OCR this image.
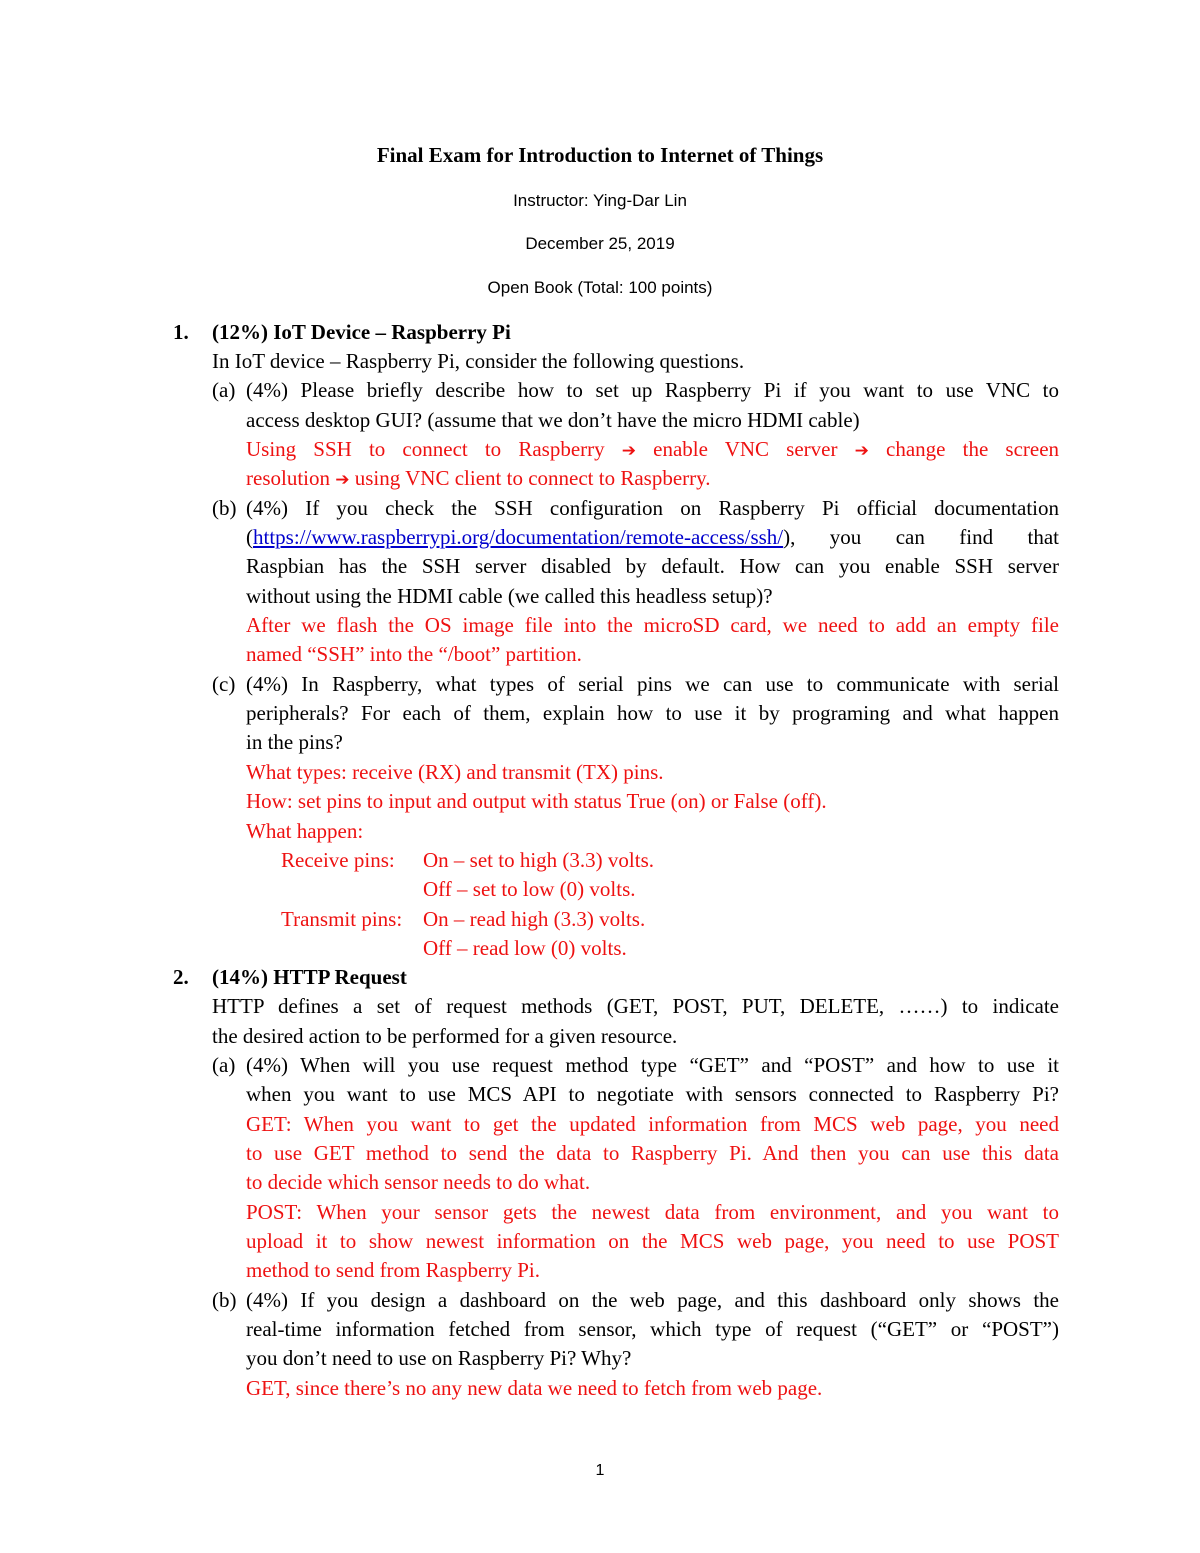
Final Exam for Introduction to Internet of Things
Instructor: Ying-Dar Lin
December 25, 2019
Open Book (Total: 100 points)
1. (12%) IoT Device – Raspberry Pi
In IoT device – Raspberry Pi, consider the following questions.
(a) (4%) Please briefly describe how to set up Raspberry Pi if you want to use VNC to
access desktop GUI? (assume that we don’t have the micro HDMI cable)
Using SSH to connect to Raspberry ➔ enable VNC server ➔ change the screen
resolution ➔ using VNC client to connect to Raspberry.
(b) (4%) If you check the SSH configuration on Raspberry Pi official documentation
(https://www.raspberrypi.org/documentation/remote-access/ssh/), you can find that
Raspbian has the SSH server disabled by default. How can you enable SSH server
without using the HDMI cable (we called this headless setup)?
After we flash the OS image file into the microSD card, we need to add an empty file
named “SSH” into the “/boot” partition.
(c) (4%) In Raspberry, what types of serial pins we can use to communicate with serial
peripherals? For each of them, explain how to use it by programing and what happen
in the pins?
What types: receive (RX) and transmit (TX) pins.
How: set pins to input and output with status True (on) or False (off).
What happen:
Receive pins: On – set to high (3.3) volts.
Off – set to low (0) volts.
Transmit pins: On – read high (3.3) volts.
Off – read low (0) volts.
2. (14%) HTTP Request
HTTP defines a set of request methods (GET, POST, PUT, DELETE, ……) to indicate
the desired action to be performed for a given resource.
(a) (4%) When will you use request method type “GET” and “POST” and how to use it
when you want to use MCS API to negotiate with sensors connected to Raspberry Pi?
GET: When you want to get the updated information from MCS web page, you need
to use GET method to send the data to Raspberry Pi. And then you can use this data
to decide which sensor needs to do what.
POST: When your sensor gets the newest data from environment, and you want to
upload it to show newest information on the MCS web page, you need to use POST
method to send from Raspberry Pi.
(b) (4%) If you design a dashboard on the web page, and this dashboard only shows the
real-time information fetched from sensor, which type of request (“GET” or “POST”)
you don’t need to use on Raspberry Pi? Why?
GET, since there’s no any new data we need to fetch from web page.
1
